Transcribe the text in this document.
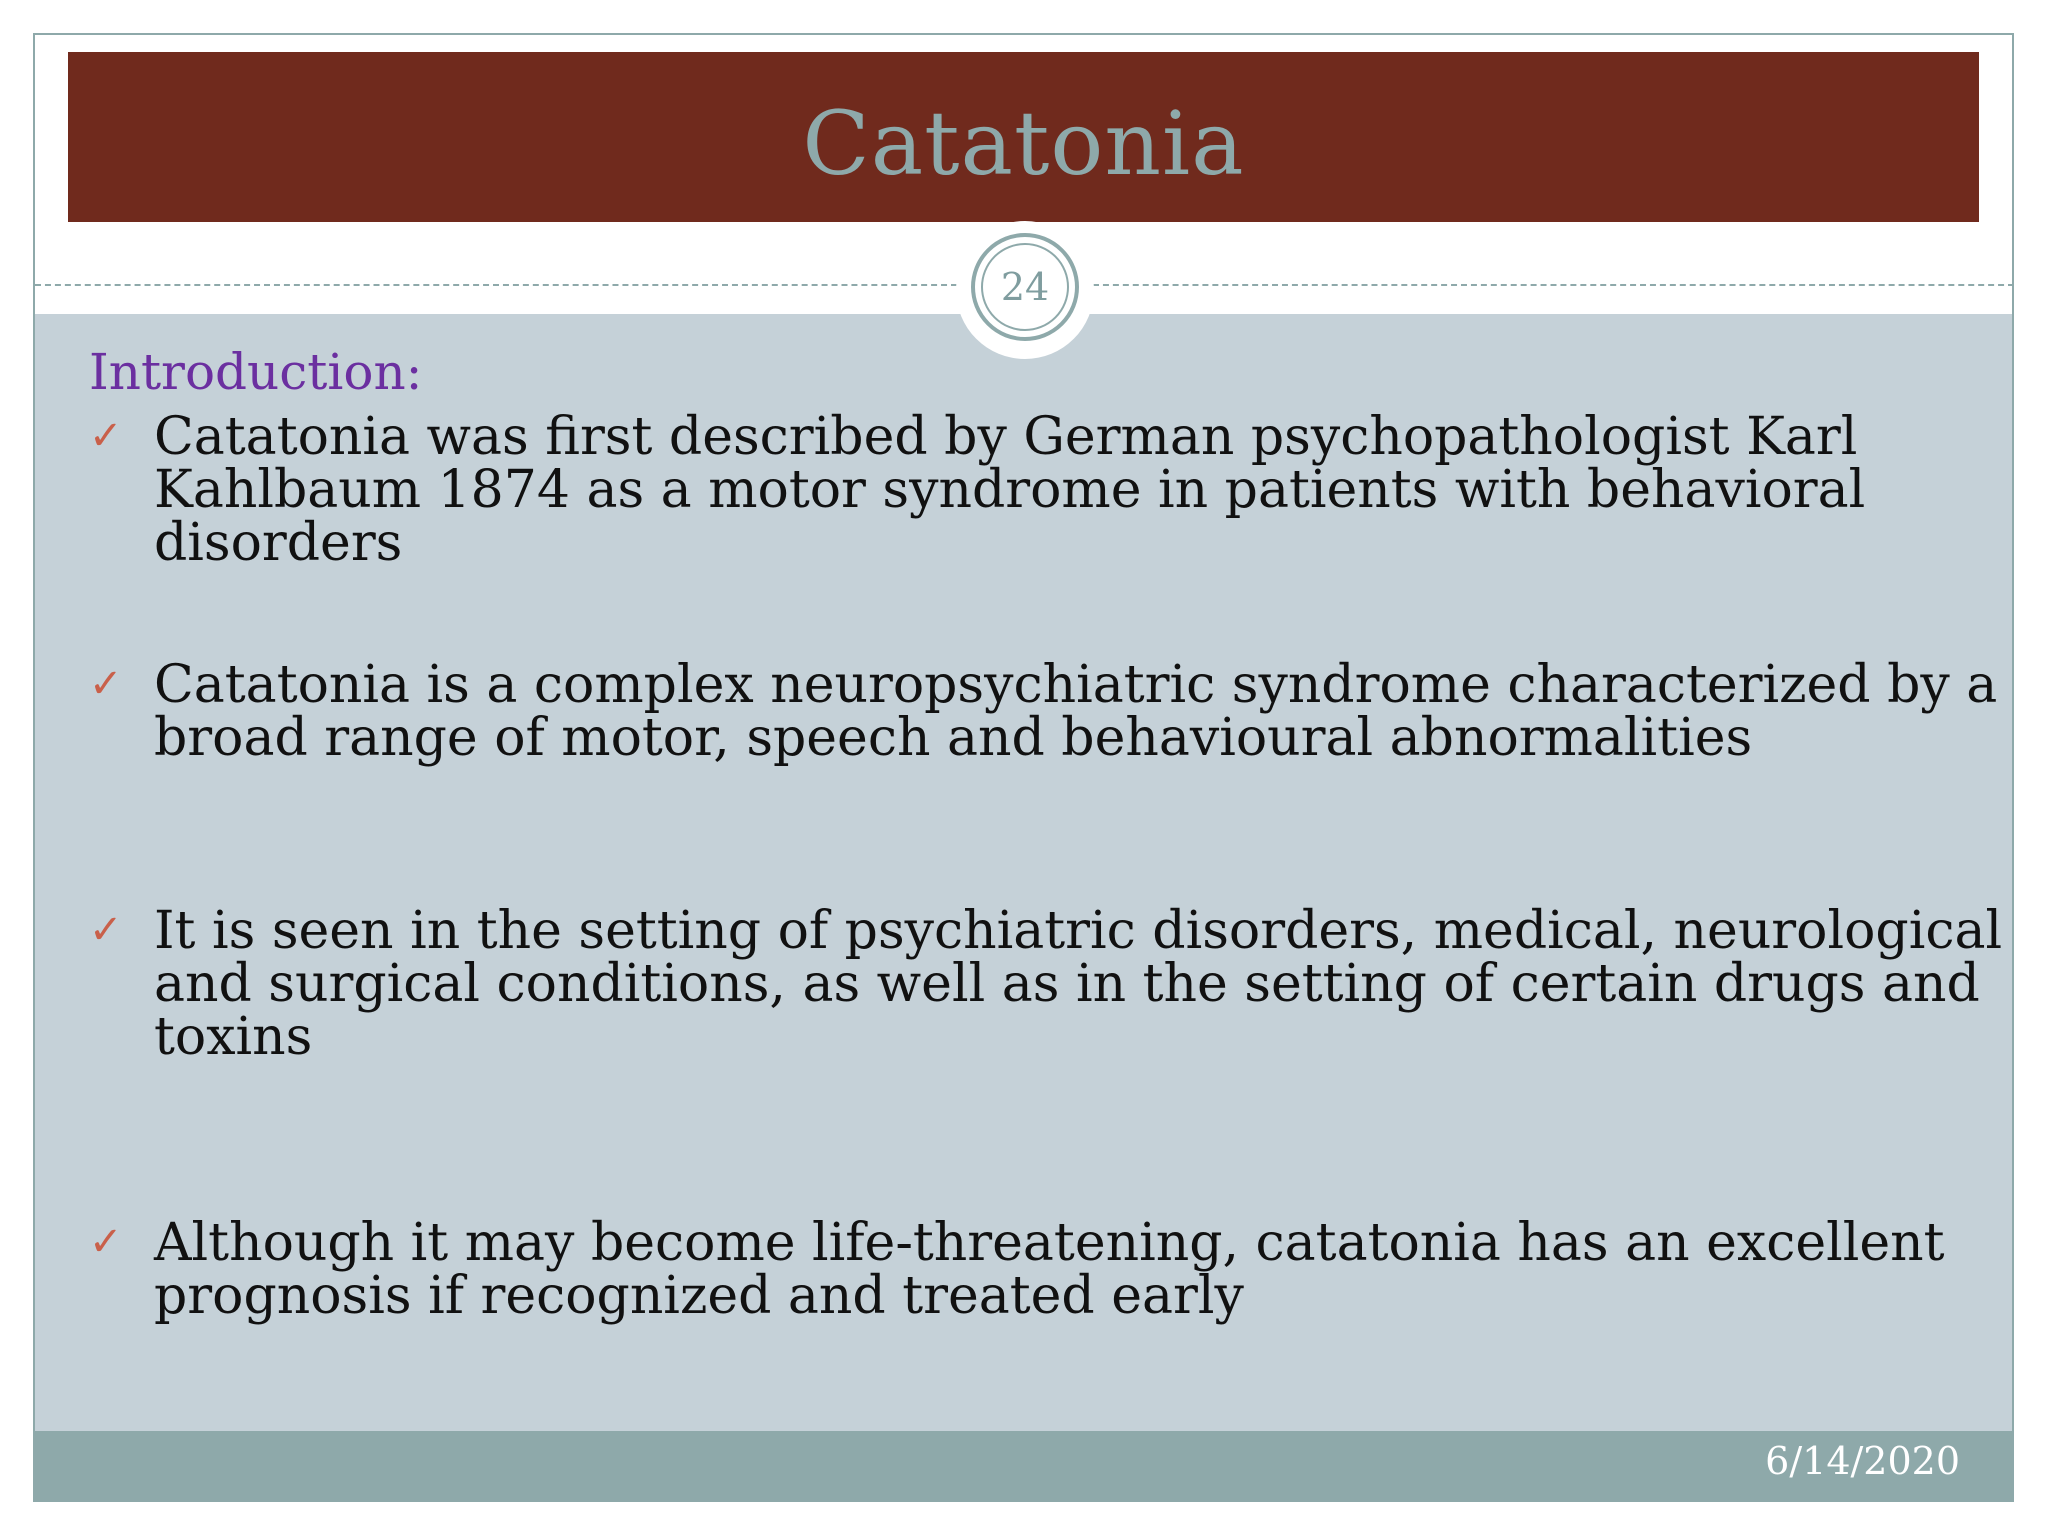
Catatonia
24
Introduction:
✓ Catatonia was first described by German psychopathologist Karl Kahlbaum 1874 as a motor syndrome in patients with behavioral disorders
✓ Catatonia is a complex neuropsychiatric syndrome characterized by a broad range of motor, speech and behavioural abnormalities
✓ It is seen in the setting of psychiatric disorders, medical, neurological and surgical conditions, as well as in the setting of certain drugs and toxins
✓ Although it may become life-threatening, catatonia has an excellent prognosis if recognized and treated early
6/14/2020
